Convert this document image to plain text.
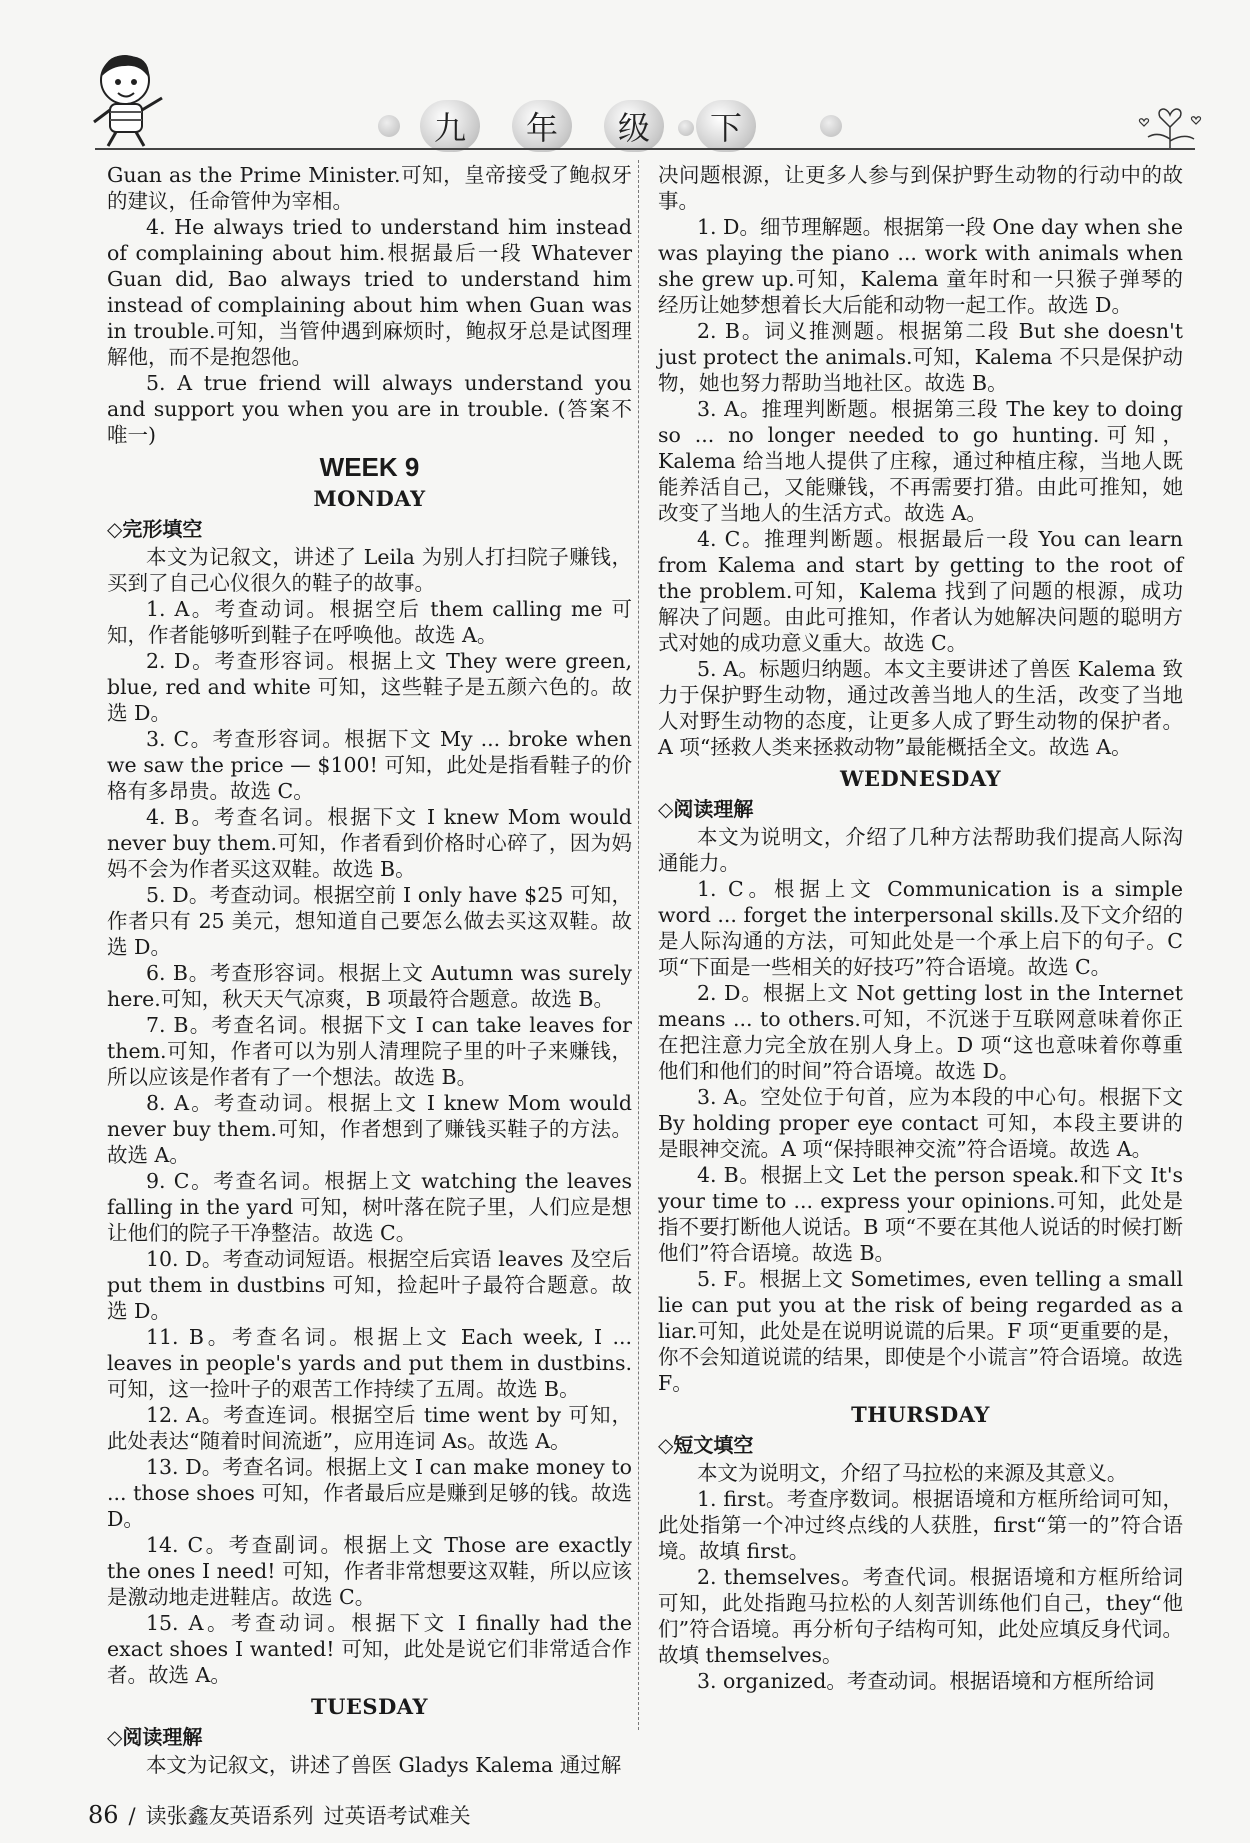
九	年	级	下

Guan as the Prime Minister.可知，皇帝接受了鲍叔牙的建议，任命管仲为宰相。

4. He always tried to understand him instead of complaining about him.根据最后一段 Whatever Guan did, Bao always tried to understand him instead of complaining about him when Guan was in trouble.可知，当管仲遇到麻烦时，鲍叔牙总是试图理解他，而不是抱怨他。

5. A true friend will always understand you and support you when you are in trouble. (答案不唯一)

WEEK 9
MONDAY
◇完形填空

本文为记叙文，讲述了 Leila 为别人打扫院子赚钱，买到了自己心仪很久的鞋子的故事。

1. A。考查动词。根据空后 them calling me 可知，作者能够听到鞋子在呼唤他。故选 A。

2. D。考查形容词。根据上文 They were green, blue, red and white 可知，这些鞋子是五颜六色的。故选 D。

3. C。考查形容词。根据下文 My ... broke when we saw the price — $100! 可知，此处是指看鞋子的价格有多昂贵。故选 C。

4. B。考查名词。根据下文 I knew Mom would never buy them.可知，作者看到价格时心碎了，因为妈妈不会为作者买这双鞋。故选 B。

5. D。考查动词。根据空前 I only have $25 可知，作者只有 25 美元，想知道自己要怎么做去买这双鞋。故选 D。

6. B。考查形容词。根据上文 Autumn was surely here.可知，秋天天气凉爽，B 项最符合题意。故选 B。

7. B。考查名词。根据下文 I can take leaves for them.可知，作者可以为别人清理院子里的叶子来赚钱，所以应该是作者有了一个想法。故选 B。

8. A。考查动词。根据上文 I knew Mom would never buy them.可知，作者想到了赚钱买鞋子的方法。故选 A。

9. C。考查名词。根据上文 watching the leaves falling in the yard 可知，树叶落在院子里，人们应是想让他们的院子干净整洁。故选 C。

10. D。考查动词短语。根据空后宾语 leaves 及空后 put them in dustbins 可知，捡起叶子最符合题意。故选 D。

11. B。考查名词。根据上文 Each week, I ... leaves in people's yards and put them in dustbins.可知，这一捡叶子的艰苦工作持续了五周。故选 B。

12. A。考查连词。根据空后 time went by 可知，此处表达“随着时间流逝”，应用连词 As。故选 A。

13. D。考查名词。根据上文 I can make money to ... those shoes 可知，作者最后应是赚到足够的钱。故选 D。

14. C。考查副词。根据上文 Those are exactly the ones I need! 可知，作者非常想要这双鞋，所以应该是激动地走进鞋店。故选 C。

15. A。考查动词。根据下文 I finally had the exact shoes I wanted! 可知，此处是说它们非常适合作者。故选 A。

TUESDAY
◇阅读理解

本文为记叙文，讲述了兽医 Gladys Kalema 通过解

决问题根源，让更多人参与到保护野生动物的行动中的故事。

1. D。细节理解题。根据第一段 One day when she was playing the piano ... work with animals when she grew up.可知，Kalema 童年时和一只猴子弹琴的经历让她梦想着长大后能和动物一起工作。故选 D。

2. B。词义推测题。根据第二段 But she doesn't just protect the animals.可知，Kalema 不只是保护动物，她也努力帮助当地社区。故选 B。

3. A。推理判断题。根据第三段 The key to doing so ... no longer needed to go hunting.可知，Kalema 给当地人提供了庄稼，通过种植庄稼，当地人既能养活自己，又能赚钱，不再需要打猎。由此可推知，她改变了当地人的生活方式。故选 A。

4. C。推理判断题。根据最后一段 You can learn from Kalema and start by getting to the root of the problem.可知，Kalema 找到了问题的根源，成功解决了问题。由此可推知，作者认为她解决问题的聪明方式对她的成功意义重大。故选 C。

5. A。标题归纳题。本文主要讲述了兽医 Kalema 致力于保护野生动物，通过改善当地人的生活，改变了当地人对野生动物的态度，让更多人成了野生动物的保护者。A 项“拯救人类来拯救动物”最能概括全文。故选 A。

WEDNESDAY
◇阅读理解

本文为说明文，介绍了几种方法帮助我们提高人际沟通能力。

1. C。根据上文 Communication is a simple word ... forget the interpersonal skills.及下文介绍的是人际沟通的方法，可知此处是一个承上启下的句子。C 项“下面是一些相关的好技巧”符合语境。故选 C。

2. D。根据上文 Not getting lost in the Internet means ... to others.可知，不沉迷于互联网意味着你正在把注意力完全放在别人身上。D 项“这也意味着你尊重他们和他们的时间”符合语境。故选 D。

3. A。空处位于句首，应为本段的中心句。根据下文 By holding proper eye contact 可知，本段主要讲的是眼神交流。A 项“保持眼神交流”符合语境。故选 A。

4. B。根据上文 Let the person speak.和下文 It's your time to ... express your opinions.可知，此处是指不要打断他人说话。B 项“不要在其他人说话的时候打断他们”符合语境。故选 B。

5. F。根据上文 Sometimes, even telling a small lie can put you at the risk of being regarded as a liar.可知，此处是在说明说谎的后果。F 项“更重要的是，你不会知道说谎的结果，即使是个小谎言”符合语境。故选 F。

THURSDAY
◇短文填空

本文为说明文，介绍了马拉松的来源及其意义。

1. first。考查序数词。根据语境和方框所给词可知，此处指第一个冲过终点线的人获胜，first“第一的”符合语境。故填 first。

2. themselves。考查代词。根据语境和方框所给词可知，此处指跑马拉松的人刻苦训练他们自己，they“他们”符合语境。再分析句子结构可知，此处应填反身代词。故填 themselves。

3. organized。考查动词。根据语境和方框所给词

86 / 读张鑫友英语系列 过英语考试难关
